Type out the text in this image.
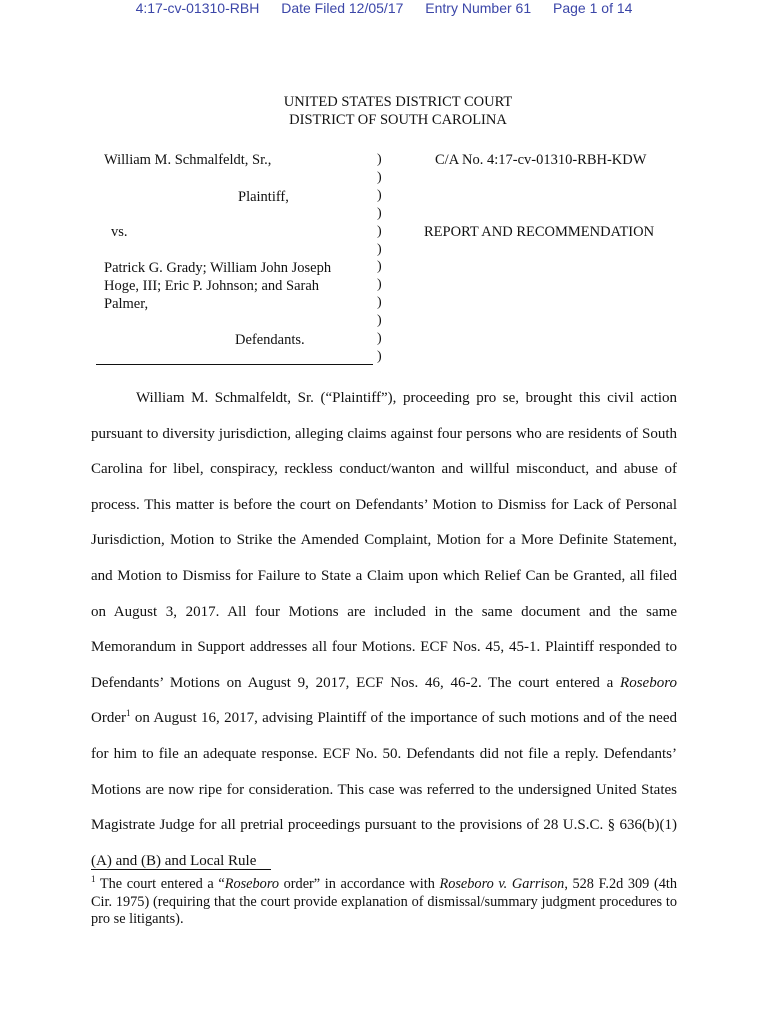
4:17-cv-01310-RBH Date Filed 12/05/17 Entry Number 61 Page 1 of 14
UNITED STATES DISTRICT COURT
DISTRICT OF SOUTH CAROLINA
William M. Schmalfeldt, Sr.,
Plaintiff,
vs.
Patrick G. Grady; William John Joseph
Hoge, III; Eric P. Johnson; and Sarah
Palmer,
Defendants.
)
)
)
)
)
)
)
)
)
)
)
)
C/A No. 4:17-cv-01310-RBH-KDW
REPORT AND RECOMMENDATION

William M. Schmalfeldt, Sr. (“Plaintiff”), proceeding pro se, brought this civil action pursuant to diversity jurisdiction, alleging claims against four persons who are residents of South Carolina for libel, conspiracy, reckless conduct/wanton and willful misconduct, and abuse of process. This matter is before the court on Defendants’ Motion to Dismiss for Lack of Personal Jurisdiction, Motion to Strike the Amended Complaint, Motion for a More Definite Statement, and Motion to Dismiss for Failure to State a Claim upon which Relief Can be Granted, all filed on August 3, 2017. All four Motions are included in the same document and the same Memorandum in Support addresses all four Motions. ECF Nos. 45, 45-1. Plaintiff responded to Defendants’ Motions on August 9, 2017, ECF Nos. 46, 46-2. The court entered a Roseboro Order$^1$ on August 16, 2017, advising Plaintiff of the importance of such motions and of the need for him to file an adequate response. ECF No. 50. Defendants did not file a reply. Defendants’ Motions are now ripe for consideration. This case was referred to the undersigned United States Magistrate Judge for all pretrial proceedings pursuant to the provisions of 28 U.S.C. § 636(b)(1)(A) and (B) and Local Rule

$^1$ The court entered a “Roseboro order” in accordance with Roseboro v. Garrison, 528 F.2d 309 (4th Cir. 1975) (requiring that the court provide explanation of dismissal/summary judgment procedures to pro se litigants).
